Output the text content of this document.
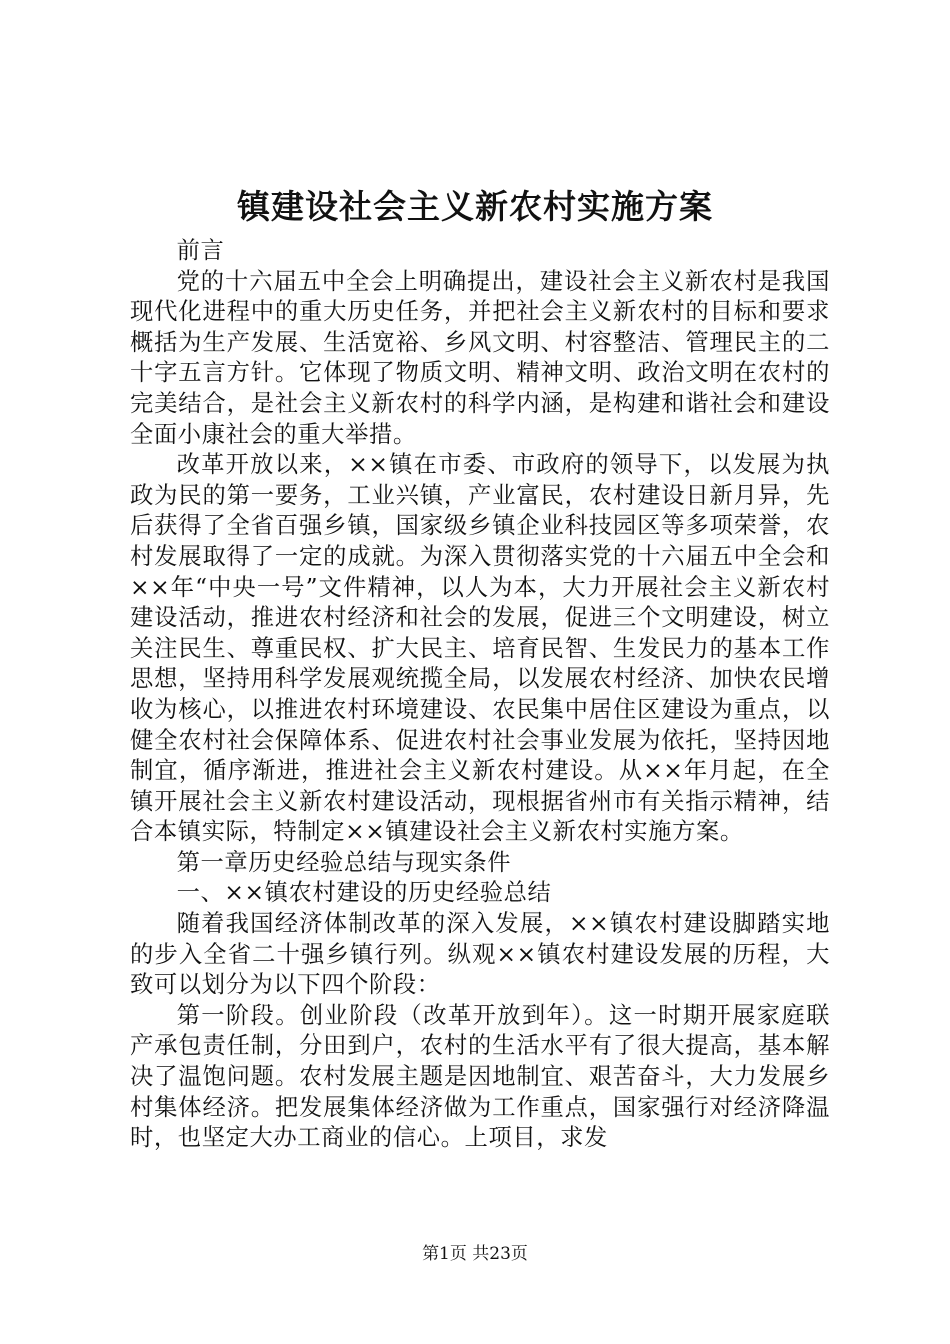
镇建设社会主义新农村实施方案

前言

党的十六届五中全会上明确提出，建设社会主义新农村是我国现代化进程中的重大历史任务，并把社会主义新农村的目标和要求概括为生产发展、生活宽裕、乡风文明、村容整洁、管理民主的二十字五言方针。它体现了物质文明、精神文明、政治文明在农村的完美结合，是社会主义新农村的科学内涵，是构建和谐社会和建设全面小康社会的重大举措。

改革开放以来，××镇在市委、市政府的领导下，以发展为执政为民的第一要务，工业兴镇，产业富民，农村建设日新月异，先后获得了全省百强乡镇，国家级乡镇企业科技园区等多项荣誉，农村发展取得了一定的成就。为深入贯彻落实党的十六届五中全会和××年“中央一号”文件精神，以人为本，大力开展社会主义新农村建设活动，推进农村经济和社会的发展，促进三个文明建设，树立关注民生、尊重民权、扩大民主、培育民智、生发民力的基本工作思想，坚持用科学发展观统揽全局，以发展农村经济、加快农民增收为核心，以推进农村环境建设、农民集中居住区建设为重点，以健全农村社会保障体系、促进农村社会事业发展为依托，坚持因地制宜，循序渐进，推进社会主义新农村建设。从××年月起，在全镇开展社会主义新农村建设活动，现根据省州市有关指示精神，结合本镇实际，特制定××镇建设社会主义新农村实施方案。

第一章历史经验总结与现实条件

一、××镇农村建设的历史经验总结

随着我国经济体制改革的深入发展，××镇农村建设脚踏实地的步入全省二十强乡镇行列。纵观××镇农村建设发展的历程，大致可以划分为以下四个阶段：

第一阶段。创业阶段（改革开放到年）。这一时期开展家庭联产承包责任制，分田到户，农村的生活水平有了很大提高，基本解决了温饱问题。农村发展主题是因地制宜、艰苦奋斗，大力发展乡村集体经济。把发展集体经济做为工作重点，国家强行对经济降温时，也坚定大办工商业的信心。上项目，求发

第1页 共23页
